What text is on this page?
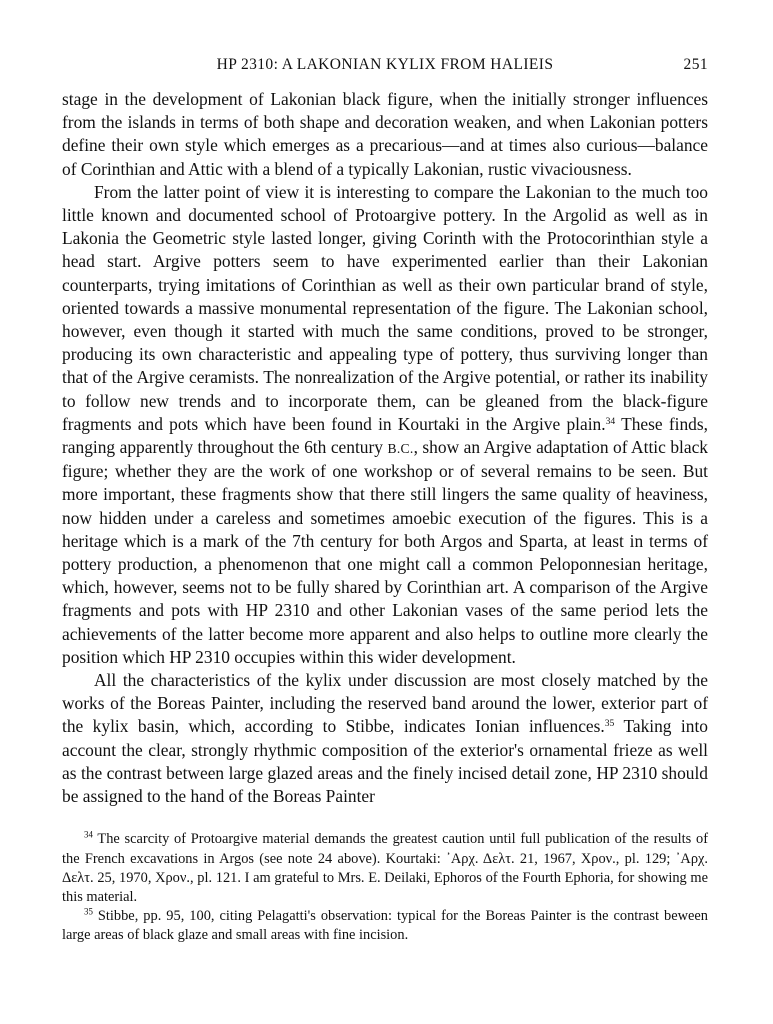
HP 2310: A LAKONIAN KYLIX FROM HALIEIS	251

stage in the development of Lakonian black figure, when the initially stronger influences from the islands in terms of both shape and decoration weaken, and when Lakonian potters define their own style which emerges as a precarious—and at times also curious—balance of Corinthian and Attic with a blend of a typically Lakonian, rustic vivaciousness.

From the latter point of view it is interesting to compare the Lakonian to the much too little known and documented school of Protoargive pottery. In the Argolid as well as in Lakonia the Geometric style lasted longer, giving Corinth with the Protocorinthian style a head start. Argive potters seem to have experimented earlier than their Lakonian counterparts, trying imitations of Corinthian as well as their own particular brand of style, oriented towards a massive monumental representation of the figure. The Lakonian school, however, even though it started with much the same conditions, proved to be stronger, producing its own characteristic and appealing type of pottery, thus surviving longer than that of the Argive ceramists. The nonrealization of the Argive potential, or rather its inability to follow new trends and to incorporate them, can be gleaned from the black-figure fragments and pots which have been found in Kourtaki in the Argive plain.$^{34}$ These finds, ranging apparently throughout the 6th century B.C., show an Argive adaptation of Attic black figure; whether they are the work of one workshop or of several remains to be seen. But more important, these fragments show that there still lingers the same quality of heaviness, now hidden under a careless and sometimes amoebic execution of the figures. This is a heritage which is a mark of the 7th century for both Argos and Sparta, at least in terms of pottery production, a phenomenon that one might call a common Peloponnesian heritage, which, however, seems not to be fully shared by Corinthian art. A comparison of the Argive fragments and pots with HP 2310 and other Lakonian vases of the same period lets the achievements of the latter become more apparent and also helps to outline more clearly the position which HP 2310 occupies within this wider development.

All the characteristics of the kylix under discussion are most closely matched by the works of the Boreas Painter, including the reserved band around the lower, exterior part of the kylix basin, which, according to Stibbe, indicates Ionian influences.$^{35}$ Taking into account the clear, strongly rhythmic composition of the exterior's ornamental frieze as well as the contrast between large glazed areas and the finely incised detail zone, HP 2310 should be assigned to the hand of the Boreas Painter

$^{34}$ The scarcity of Protoargive material demands the greatest caution until full publication of the results of the French excavations in Argos (see note 24 above). Kourtaki: ᾿Αρχ. Δελτ. 21, 1967, Χρον., pl. 129; ᾿Αρχ. Δελτ. 25, 1970, Χρον., pl. 121. I am grateful to Mrs. E. Deilaki, Ephoros of the Fourth Ephoria, for showing me this material.

$^{35}$ Stibbe, pp. 95, 100, citing Pelagatti's observation: typical for the Boreas Painter is the contrast beween large areas of black glaze and small areas with fine incision.
